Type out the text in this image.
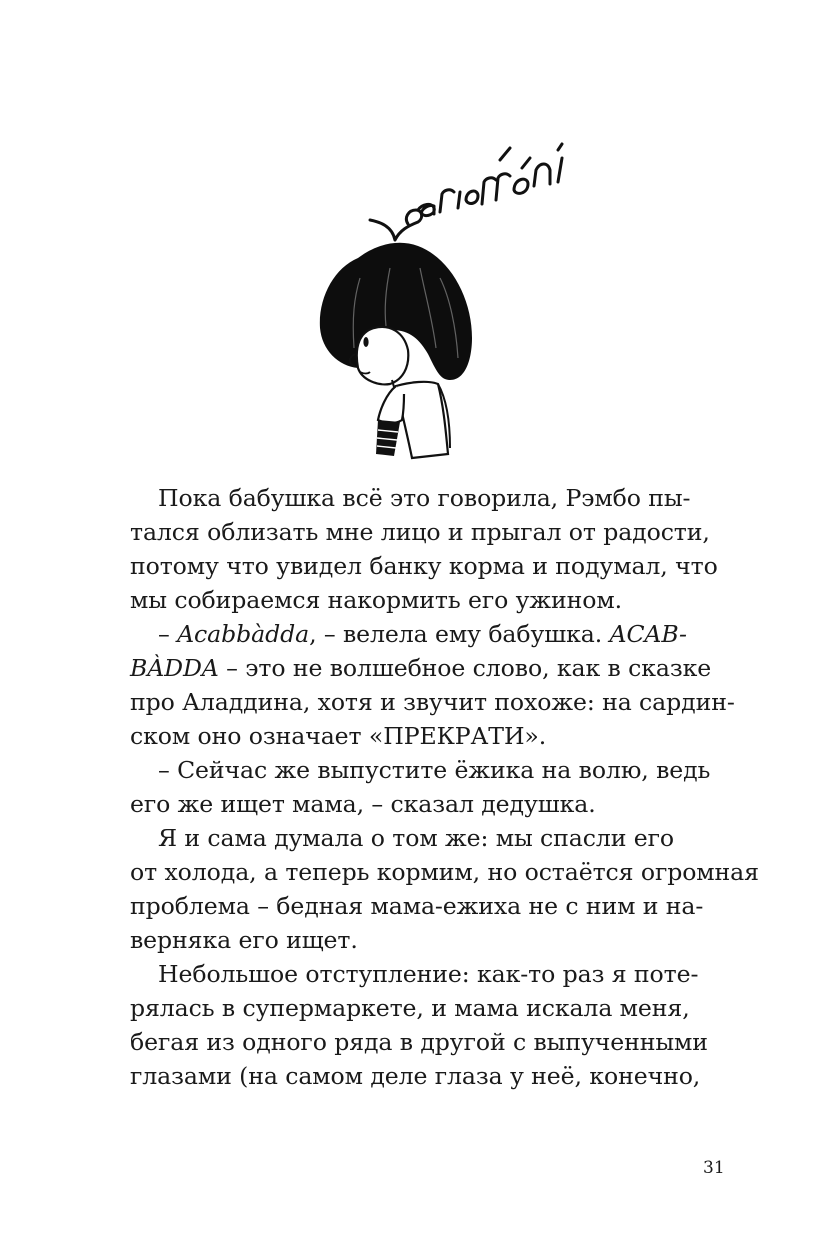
Пока бабушка всё это говорила, Рэмбо пы-
тался облизать мне лицо и прыгал от радости,
потому что увидел банку корма и подумал, что
мы собираемся накормить его ужином.
– Acabbàdda , – велела ему бабушка. ACAB-
BÀDDA – это не волшебное слово, как в сказке
про Аладдина, хотя и звучит похоже: на сардин-
ском оно означает «ПРЕКРАТИ».
– Сейчас же выпустите ёжика на волю, ведь
его же ищет мама, – сказал дедушка.
Я и сама думала о том же: мы спасли его
от холода, а теперь кормим, но остаётся огромная
проблема – бедная мама-ежиха не с ним и на-
верняка его ищет.
Небольшое отступление: как-то раз я поте-
рялась в супермаркете, и мама искала меня,
бегая из одного ряда в другой с выпученными
глазами (на самом деле глаза у неё, конечно,
31
